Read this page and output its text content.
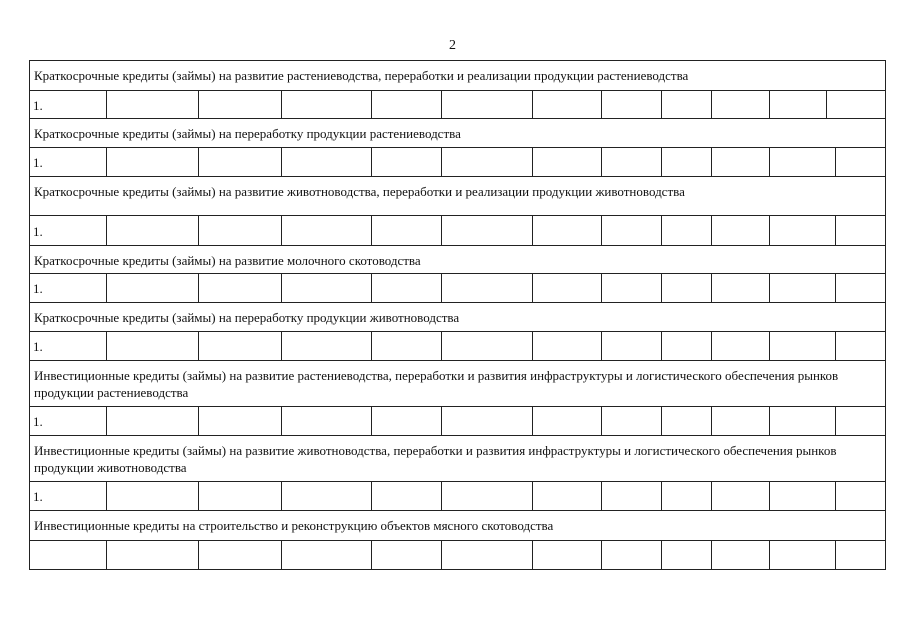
2
Краткосрочные кредиты (займы) на развитие растениеводства, переработки и реализации продукции растениеводства
1.
Краткосрочные кредиты (займы) на переработку продукции растениеводства
1.
Краткосрочные кредиты (займы) на развитие животноводства, переработки и реализации продукции животноводства
1.
Краткосрочные кредиты (займы) на развитие молочного скотоводства
1.
Краткосрочные кредиты (займы) на переработку продукции животноводства
1.
Инвестиционные кредиты (займы) на развитие растениеводства, переработки и развития инфраструктуры и логистического обеспечения рынков продукции растениеводства
1.
Инвестиционные кредиты (займы) на развитие животноводства, переработки и развития инфраструктуры и логистического обеспечения рынков продукции животноводства
1.
Инвестиционные кредиты на строительство и реконструкцию объектов мясного скотоводства
